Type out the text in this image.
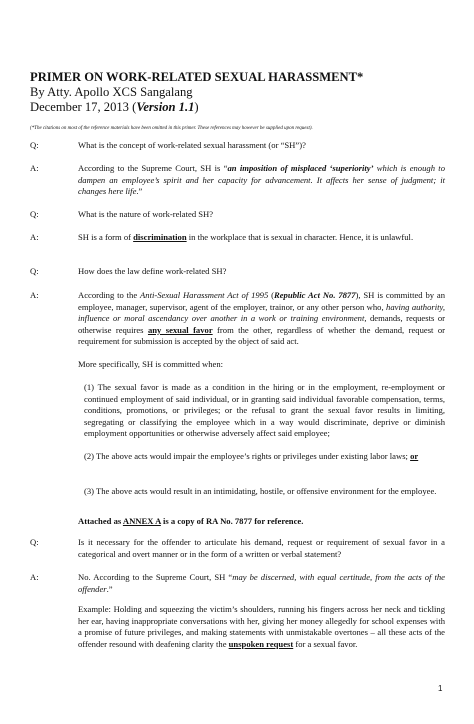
PRIMER ON WORK-RELATED SEXUAL HARASSMENT*
By Atty. Apollo XCS Sangalang
December 17, 2013 (Version 1.1)
(*The citations on most of the reference materials have been omitted in this primer. These references may however be supplied upon request).
Q:	What is the concept of work-related sexual harassment (or “SH”)?
A:	According to the Supreme Court, SH is “an imposition of misplaced ‘superiority’ which is enough to dampen an employee’s spirit and her capacity for advancement. It affects her sense of judgment; it changes here life.”
Q:	What is the nature of work-related SH?
A:	SH is a form of discrimination in the workplace that is sexual in character. Hence, it is unlawful.
Q:	How does the law define work-related SH?
A:	According to the Anti-Sexual Harassment Act of 1995 (Republic Act No. 7877), SH is committed by an employee, manager, supervisor, agent of the employer, trainor, or any other person who, having authority, influence or moral ascendancy over another in a work or training environment, demands, requests or otherwise requires any sexual favor from the other, regardless of whether the demand, request or requirement for submission is accepted by the object of said act.
More specifically, SH is committed when:
(1) The sexual favor is made as a condition in the hiring or in the employment, re-employment or continued employment of said individual, or in granting said individual favorable compensation, terms, conditions, promotions, or privileges; or the refusal to grant the sexual favor results in limiting, segregating or classifying the employee which in a way would discriminate, deprive or diminish employment opportunities or otherwise adversely affect said employee;
(2) The above acts would impair the employee’s rights or privileges under existing labor laws; or
(3) The above acts would result in an intimidating, hostile, or offensive environment for the employee.
Attached as ANNEX A is a copy of RA No. 7877 for reference.
Q:	Is it necessary for the offender to articulate his demand, request or requirement of sexual favor in a categorical and overt manner or in the form of a written or verbal statement?
A:	No. According to the Supreme Court, SH “may be discerned, with equal certitude, from the acts of the offender.”
Example: Holding and squeezing the victim’s shoulders, running his fingers across her neck and tickling her ear, having inappropriate conversations with her, giving her money allegedly for school expenses with a promise of future privileges, and making statements with unmistakable overtones – all these acts of the offender resound with deafening clarity the unspoken request for a sexual favor.
1
